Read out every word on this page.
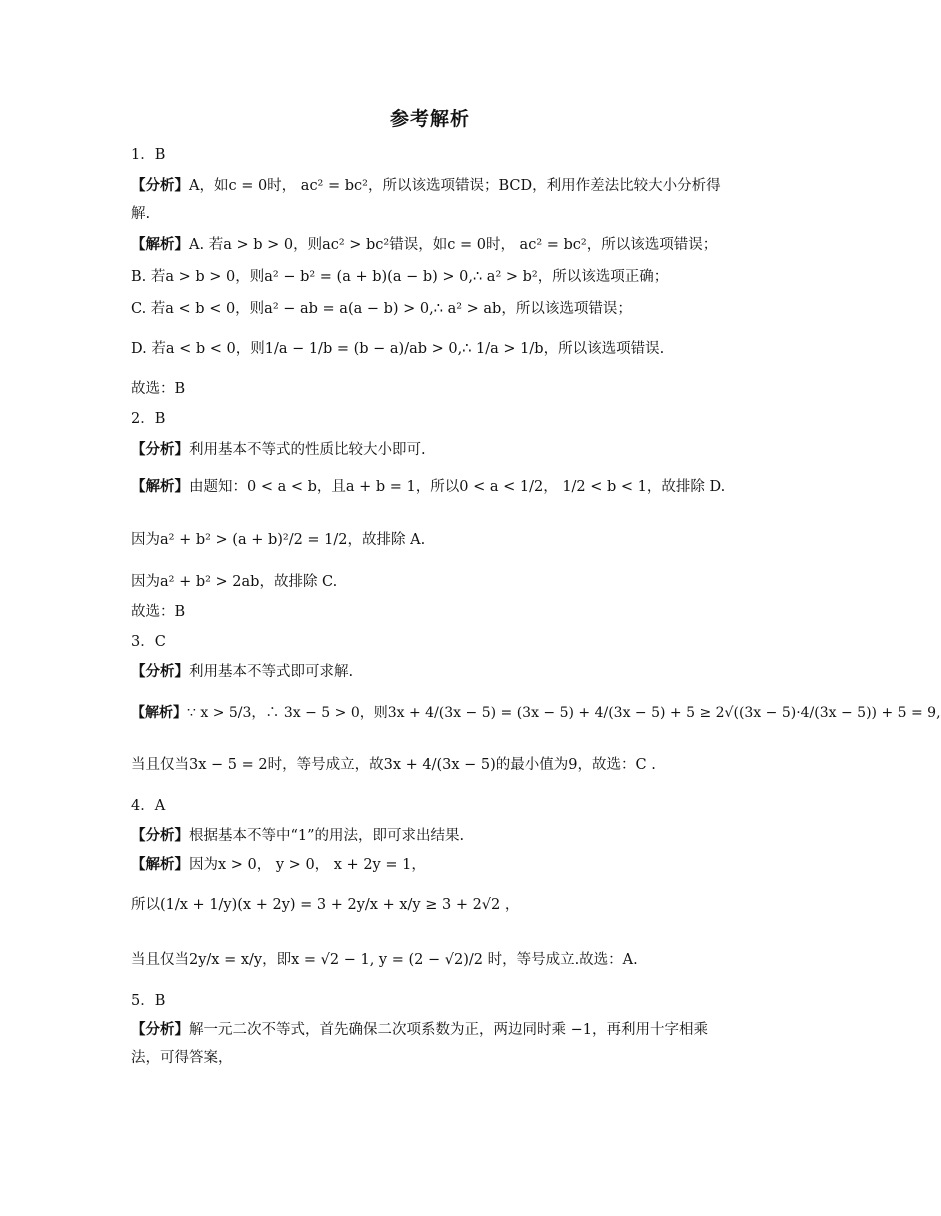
参考解析
1．B
【分析】A，如c = 0时， ac² = bc²，所以该选项错误；BCD，利用作差法比较大小分析得
解.
【解析】A. 若a > b > 0，则ac² > bc²错误，如c = 0时， ac² = bc²，所以该选项错误；
B. 若a > b > 0，则a² − b² = (a + b)(a − b) > 0,∴ a² > b²，所以该选项正确；
C. 若a < b < 0，则a² − ab = a(a − b) > 0,∴ a² > ab，所以该选项错误；
D. 若a < b < 0，则1/a − 1/b = (b − a)/ab > 0,∴ 1/a > 1/b，所以该选项错误.
故选：B
2．B
【分析】利用基本不等式的性质比较大小即可.
【解析】由题知：0 < a < b，且a + b = 1，所以0 < a < 1/2， 1/2 < b < 1，故排除 D.
因为a² + b² > (a + b)²/2 = 1/2，故排除 A.
因为a² + b² > 2ab，故排除 C.
故选：B
3．C
【分析】利用基本不等式即可求解.
【解析】∵ x > 5/3，∴ 3x − 5 > 0，则3x + 4/(3x − 5) = (3x − 5) + 4/(3x − 5) + 5 ≥ 2√((3x − 5)·4/(3x − 5)) + 5 = 9,
当且仅当3x − 5 = 2时，等号成立，故3x + 4/(3x − 5)的最小值为9，故选：C .
4．A
【分析】根据基本不等中“1”的用法，即可求出结果.
【解析】因为x > 0， y > 0， x + 2y = 1，
所以(1/x + 1/y)(x + 2y) = 3 + 2y/x + x/y ≥ 3 + 2√2 ，
当且仅当2y/x = x/y，即x = √2 − 1, y = (2 − √2)/2 时，等号成立.故选：A.
5．B
【分析】解一元二次不等式，首先确保二次项系数为正，两边同时乘 −1，再利用十字相乘
法，可得答案，
